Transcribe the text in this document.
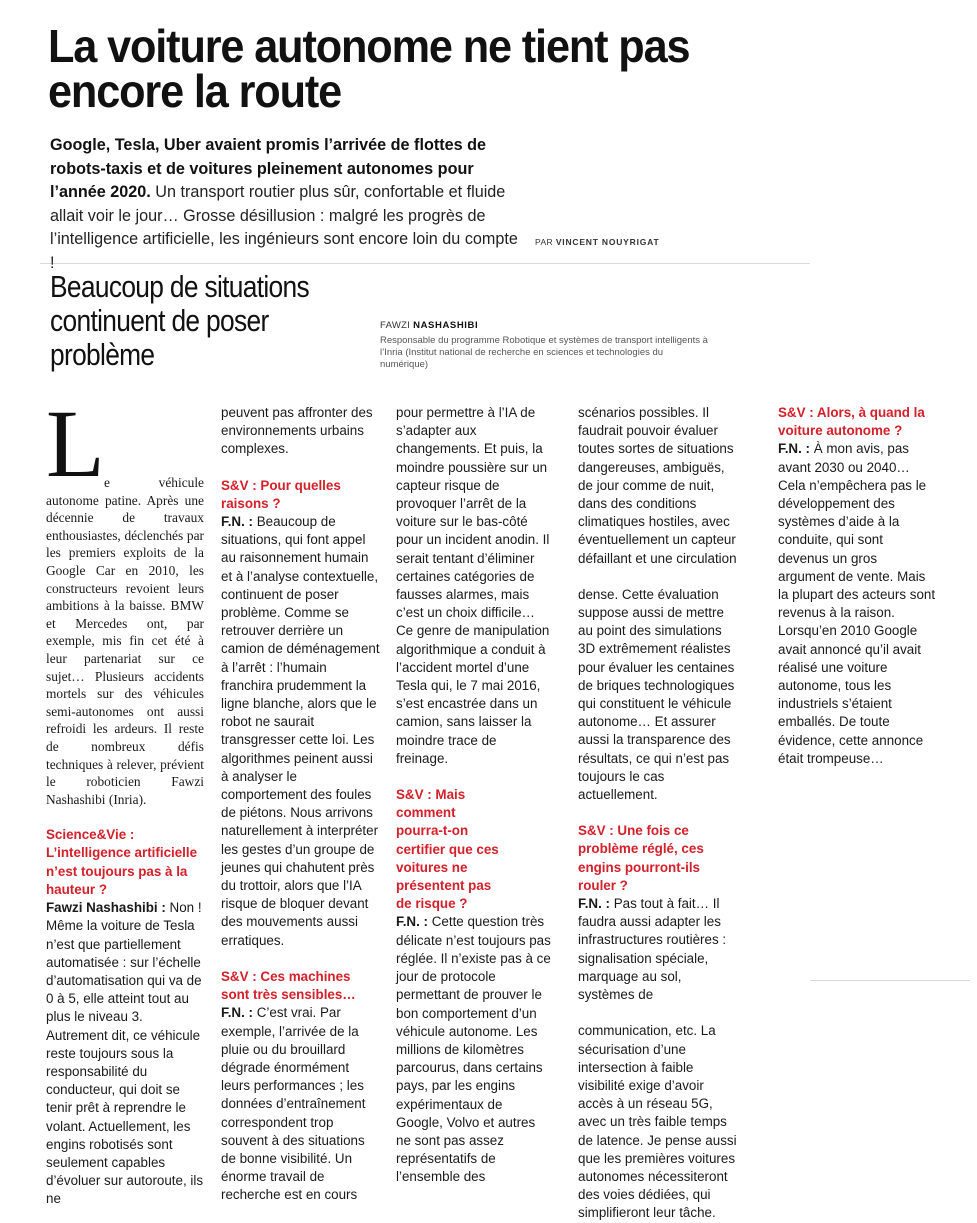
La voiture autonome ne tient pas encore la route

Google, Tesla, Uber avaient promis l’arrivée de flottes de robots-taxis et de voitures pleinement autonomes pour l’année 2020. Un transport routier plus sûr, confortable et fluide allait voir le jour… Grosse désillusion : malgré les progrès de l’intelligence artificielle, les ingénieurs sont encore loin du compte !

PAR VINCENT NOUYRIGAT
Beaucoup de situations continuent de poser problème
FAWZI NASHASHIBI
Responsable du programme Robotique et systèmes de transport intelligents à l’Inria (Institut national de recherche en sciences et technologies du numérique)
L e véhicule autonome patine. Après une décennie de travaux enthousiastes, déclenchés par les premiers exploits de la Google Car en 2010, les constructeurs revoient leurs ambitions à la baisse. BMW et Mercedes ont, par exemple, mis fin cet été à leur partenariat sur ce sujet… Plusieurs accidents mortels sur des véhicules semi-autonomes ont aussi refroidi les ardeurs. Il reste de nombreux défis techniques à relever, prévient le roboticien Fawzi Nashashibi (Inria).

Science&Vie : L’intelligence artificielle n’est toujours pas à la hauteur ?
Fawzi Nashashibi : Non ! Même la voiture de Tesla n’est que partiellement automatisée : sur l’échelle d’automatisation qui va de 0 à 5, elle atteint tout au plus le niveau 3. Autrement dit, ce véhicule reste toujours sous la responsabilité du conducteur, qui doit se tenir prêt à reprendre le volant. Actuellement, les engins robotisés sont seulement capables d’évoluer sur autoroute, ils ne

peuvent pas affronter des environnements urbains complexes.

S&V : Pour quelles raisons ?
F.N. : Beaucoup de situations, qui font appel au raisonnement humain et à l’analyse contextuelle, continuent de poser problème. Comme se retrouver derrière un camion de déménagement à l’arrêt : l’humain franchira prudemment la ligne blanche, alors que le robot ne saurait transgresser cette loi. Les algorithmes peinent aussi à analyser le comportement des foules de piétons. Nous arrivons naturellement à interpréter les gestes d’un groupe de jeunes qui chahutent près du trottoir, alors que l’IA risque de bloquer devant des mouvements aussi erratiques.

S&V : Ces machines sont très sensibles…
F.N. : C’est vrai. Par exemple, l’arrivée de la pluie ou du brouillard dégrade énormément leurs performances ; les données d’entraînement correspondent trop souvent à des situations de bonne visibilité. Un énorme travail de recherche est en cours

pour permettre à l’IA de s’adapter aux changements. Et puis, la moindre poussière sur un capteur risque de provoquer l’arrêt de la voiture sur le bas-côté pour un incident anodin. Il serait tentant d’éliminer certaines catégories de fausses alarmes, mais c’est un choix difficile… Ce genre de manipulation algorithmique a conduit à l’accident mortel d’une Tesla qui, le 7 mai 2016, s’est encastrée dans un camion, sans laisser la moindre trace de freinage.

S&V : Mais comment pourra-t-on certifier que ces voitures ne présentent pas de risque ?
F.N. : Cette question très délicate n’est toujours pas réglée. Il n’existe pas à ce jour de protocole permettant de prouver le bon comportement d’un véhicule autonome. Les millions de kilomètres parcourus, dans certains pays, par les engins expérimentaux de Google, Volvo et autres ne sont pas assez représentatifs de l’ensemble des

scénarios possibles. Il faudrait pouvoir évaluer toutes sortes de situations dangereuses, ambiguës, de jour comme de nuit, dans des conditions climatiques hostiles, avec éventuellement un capteur défaillant et une circulation

dense. Cette évaluation suppose aussi de mettre au point des simulations 3D extrêmement réalistes pour évaluer les centaines de briques technologiques qui constituent le véhicule autonome… Et assurer aussi la transparence des résultats, ce qui n’est pas toujours le cas actuellement.

S&V : Une fois ce problème réglé, ces engins pourront-ils rouler ?
F.N. : Pas tout à fait… Il faudra aussi adapter les infrastructures routières : signalisation spéciale, marquage au sol, systèmes de

communication, etc. La sécurisation d’une intersection à faible visibilité exige d’avoir accès à un réseau 5G, avec un très faible temps de latence. Je pense aussi que les premières voitures autonomes nécessiteront des voies dédiées, qui simplifieront leur tâche.

S&V : Alors, à quand la voiture autonome ?
F.N. : À mon avis, pas avant 2030 ou 2040… Cela n’empêchera pas le développement des systèmes d’aide à la conduite, qui sont devenus un gros argument de vente. Mais la plupart des acteurs sont revenus à la raison. Lorsqu’en 2010 Google avait annoncé qu’il avait réalisé une voiture autonome, tous les industriels s’étaient emballés. De toute évidence, cette annonce était trompeuse…
